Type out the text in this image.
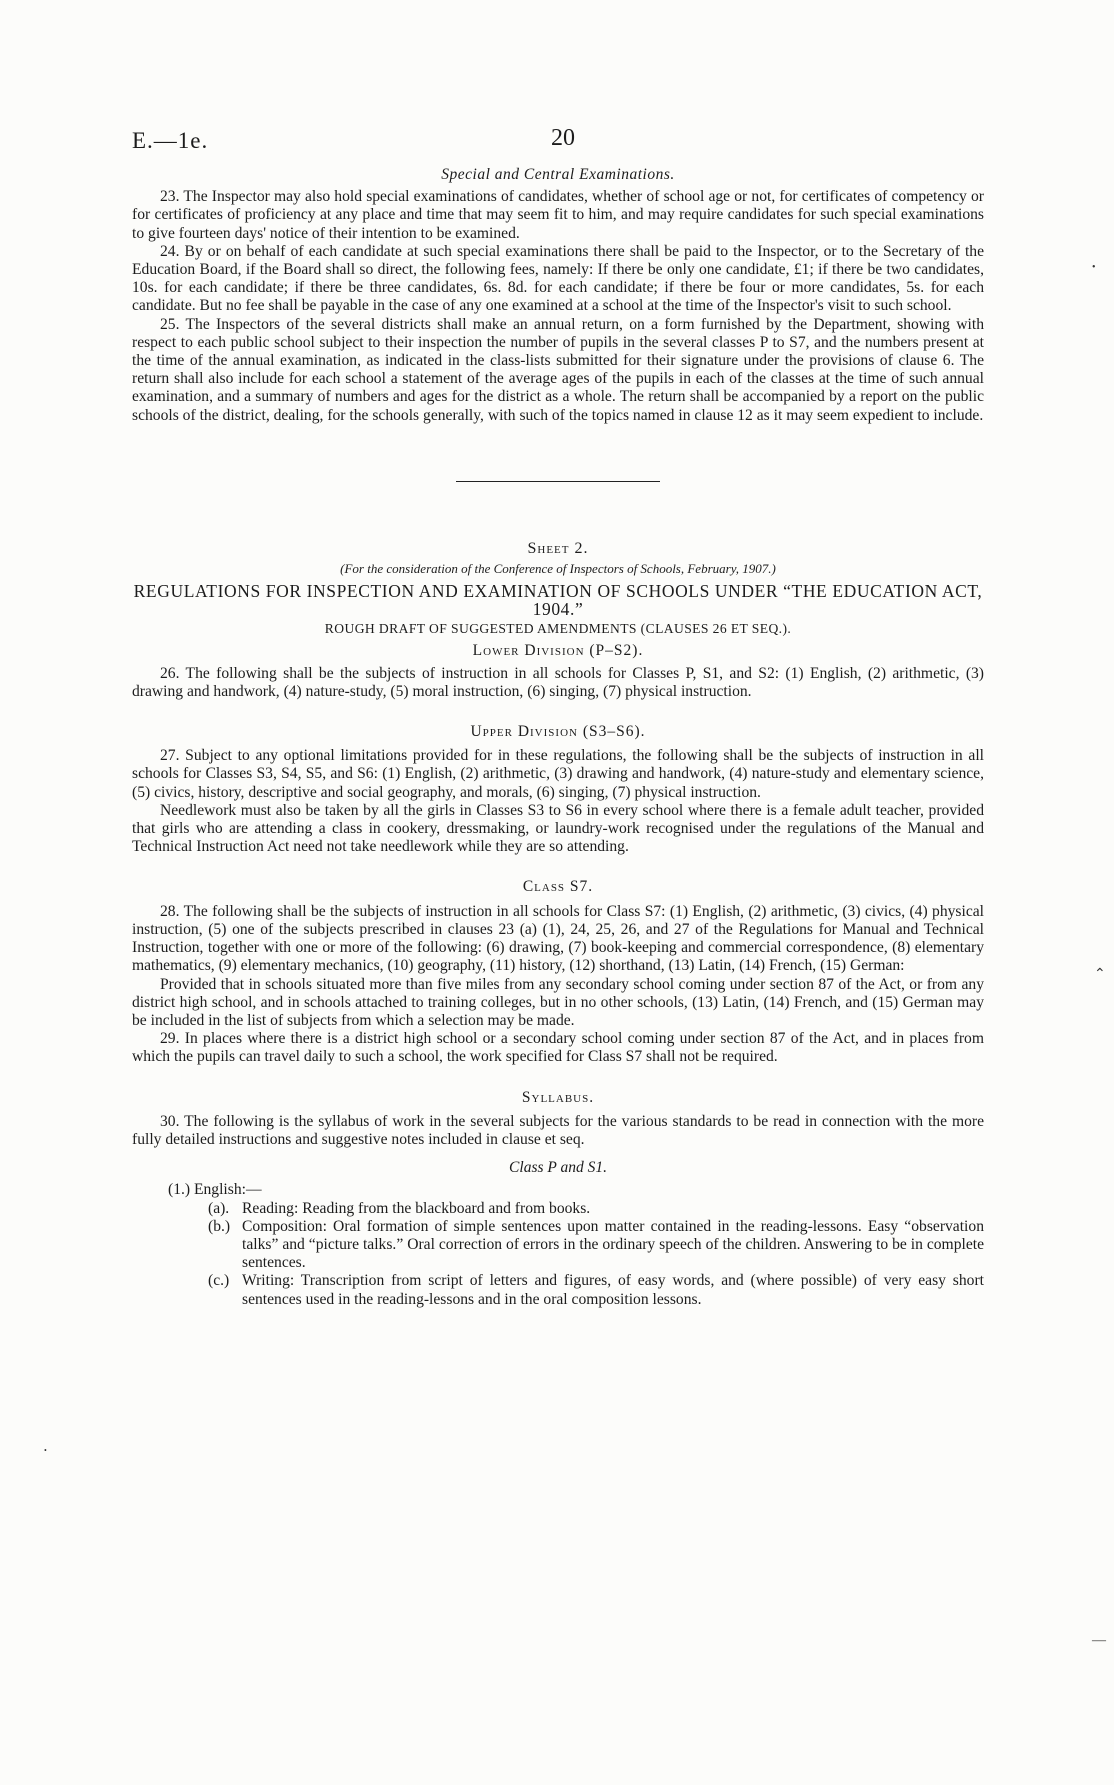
E.—1e.	20

Special and Central Examinations.

23. The Inspector may also hold special examinations of candidates, whether of school age or not, for certificates of competency or for certificates of proficiency at any place and time that may seem fit to him, and may require candidates for such special examinations to give fourteen days' notice of their intention to be examined.

24. By or on behalf of each candidate at such special examinations there shall be paid to the Inspector, or to the Secretary of the Education Board, if the Board shall so direct, the following fees, namely: If there be only one candidate, £1; if there be two candidates, 10s. for each candidate; if there be three candidates, 6s. 8d. for each candidate; if there be four or more candidates, 5s. for each candidate. But no fee shall be payable in the case of any one examined at a school at the time of the Inspector's visit to such school.

25. The Inspectors of the several districts shall make an annual return, on a form furnished by the Department, showing with respect to each public school subject to their inspection the number of pupils in the several classes P to S7, and the numbers present at the time of the annual examination, as indicated in the class-lists submitted for their signature under the provisions of clause 6. The return shall also include for each school a statement of the average ages of the pupils in each of the classes at the time of such annual examination, and a summary of numbers and ages for the district as a whole. The return shall be accompanied by a report on the public schools of the district, dealing, for the schools generally, with such of the topics named in clause 12 as it may seem expedient to include.

Sheet 2.

(For the consideration of the Conference of Inspectors of Schools, February, 1907.)

REGULATIONS FOR INSPECTION AND EXAMINATION OF SCHOOLS UNDER “THE EDUCATION ACT, 1904.”

ROUGH DRAFT OF SUGGESTED AMENDMENTS (CLAUSES 26 ET SEQ.).

Lower Division (P–S2).

26. The following shall be the subjects of instruction in all schools for Classes P, S1, and S2: (1) English, (2) arithmetic, (3) drawing and handwork, (4) nature-study, (5) moral instruction, (6) singing, (7) physical instruction.

Upper Division (S3–S6).

27. Subject to any optional limitations provided for in these regulations, the following shall be the subjects of instruction in all schools for Classes S3, S4, S5, and S6: (1) English, (2) arithmetic, (3) drawing and handwork, (4) nature-study and elementary science, (5) civics, history, descriptive and social geography, and morals, (6) singing, (7) physical instruction.

Needlework must also be taken by all the girls in Classes S3 to S6 in every school where there is a female adult teacher, provided that girls who are attending a class in cookery, dressmaking, or laundry-work recognised under the regulations of the Manual and Technical Instruction Act need not take needlework while they are so attending.

Class S7.

28. The following shall be the subjects of instruction in all schools for Class S7: (1) English, (2) arithmetic, (3) civics, (4) physical instruction, (5) one of the subjects prescribed in clauses 23 (a) (1), 24, 25, 26, and 27 of the Regulations for Manual and Technical Instruction, together with one or more of the following: (6) drawing, (7) book-keeping and commercial correspondence, (8) elementary mathematics, (9) elementary mechanics, (10) geography, (11) history, (12) shorthand, (13) Latin, (14) French, (15) German:

Provided that in schools situated more than five miles from any secondary school coming under section 87 of the Act, or from any district high school, and in schools attached to training colleges, but in no other schools, (13) Latin, (14) French, and (15) German may be included in the list of subjects from which a selection may be made.

29. In places where there is a district high school or a secondary school coming under section 87 of the Act, and in places from which the pupils can travel daily to such a school, the work specified for Class S7 shall not be required.

Syllabus.

30. The following is the syllabus of work in the several subjects for the various standards to be read in connection with the more fully detailed instructions and suggestive notes included in clause et seq.

Class P and S1.

(1.) English:—
(a). Reading: Reading from the blackboard and from books.
(b.) Composition: Oral formation of simple sentences upon matter contained in the reading-lessons. Easy “observation talks” and “picture talks.” Oral correction of errors in the ordinary speech of the children. Answering to be in complete sentences.
(c.) Writing: Transcription from script of letters and figures, of easy words, and (where possible) of very easy short sentences used in the reading-lessons and in the oral composition lessons.
•
⌃
—
•
